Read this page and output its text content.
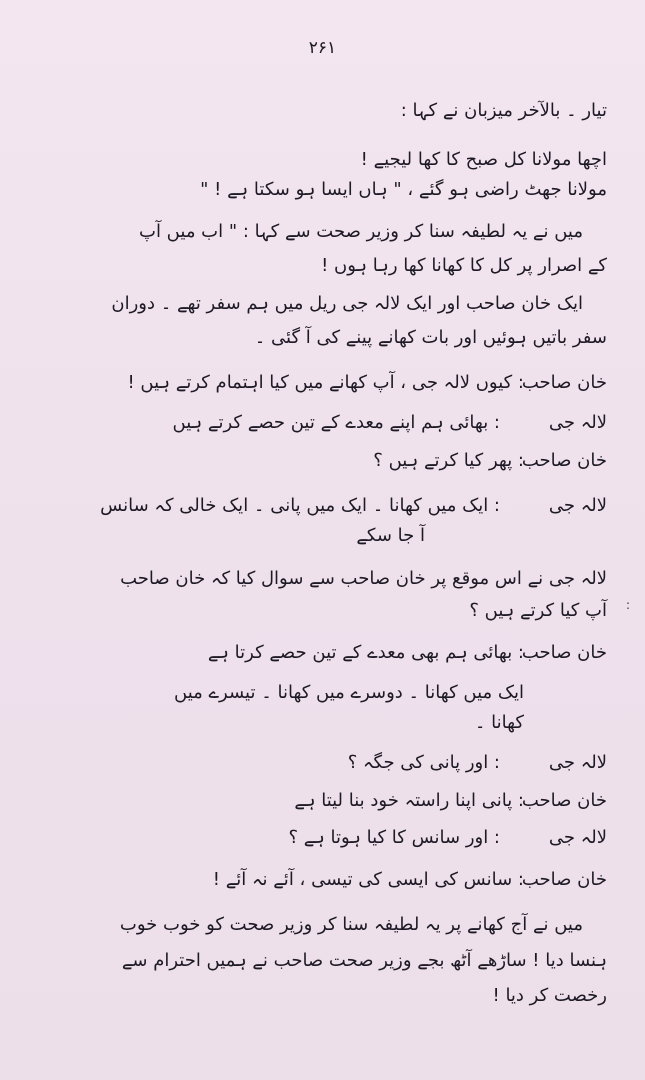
۲۶۱
تیار ۔ بالآخر میزبان نے کہا :
اچھا مولانا کل صبح کا کھا لیجیے !
مولانا جھٹ راضی ہو گئے ، " ہاں ایسا ہو سکتا ہے ! "
میں نے یہ لطیفہ سنا کر وزیر صحت سے کہا : " اب میں آپ
کے اصرار پر کل کا کھانا کھا رہا ہوں !
ایک خان صاحب اور ایک لالہ جی ریل میں ہم سفر تھے ۔ دوران
سفر باتیں ہوئیں اور بات کھانے پینے کی آ گئی ۔
خان صاحب
: کیوں لالہ جی ، آپ کھانے میں کیا اہتمام کرتے ہیں !
لالہ جی
: بھائی ہم اپنے معدے کے تین حصے کرتے ہیں
خان صاحب
: پھر کیا کرتے ہیں ؟
لالہ جی
: ایک میں کھانا ۔ ایک میں پانی ۔ ایک خالی کہ سانس
آ جا سکے
لالہ جی نے اس موقع پر خان صاحب سے سوال کیا کہ خان صاحب
آپ کیا کرتے ہیں ؟
خان صاحب
: بھائی ہم بھی معدے کے تین حصے کرتا ہے
ایک میں کھانا ۔ دوسرے میں کھانا ۔ تیسرے میں
کھانا ۔
لالہ جی
: اور پانی کی جگہ ؟
خان صاحب
: پانی اپنا راستہ خود بنا لیتا ہے
لالہ جی
: اور سانس کا کیا ہوتا ہے ؟
خان صاحب
: سانس کی ایسی کی تیسی ، آئے نہ آئے !
میں نے آج کھانے پر یہ لطیفہ سنا کر وزیر صحت کو خوب خوب
ہنسا دیا ! ساڑھے آٹھ بجے وزیر صحت صاحب نے ہمیں احترام سے
رخصت کر دیا !
:
